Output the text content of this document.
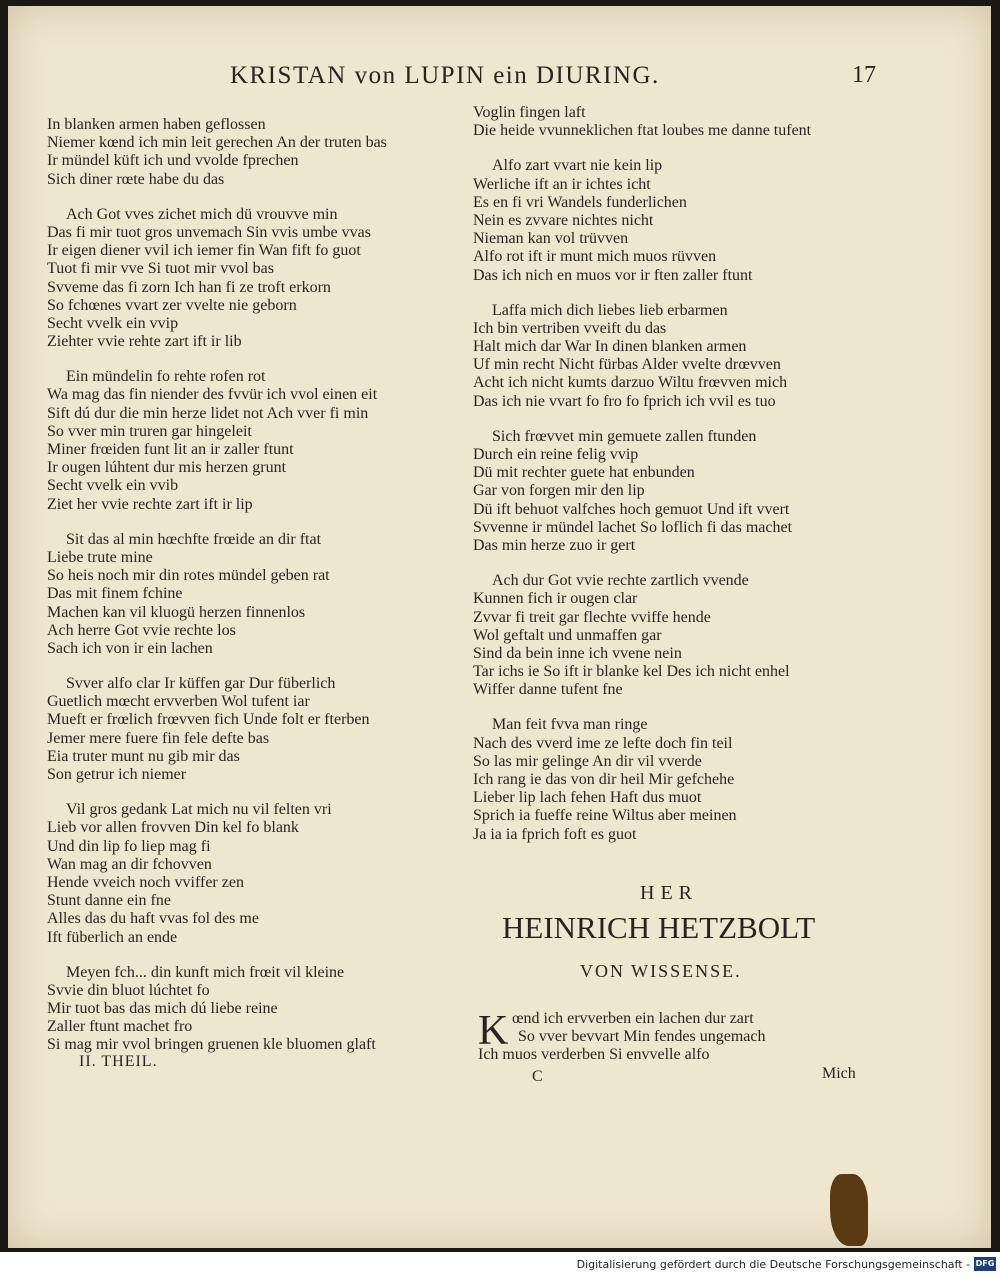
KRISTAN von LUPIN ein DIURING.	17
In blanken armen haben geflossen
Niemer kœnd ich min leit gerechen An der truten bas
Ir mündel küft ich und vvolde fprechen
Sich diner rœte habe du das
Ach Got vves zichet mich dü vrouvve min
Das fi mir tuot gros unvemach Sin vvis umbe vvas
Ir eigen diener vvil ich iemer fin Wan fift fo guot
Tuot fi mir vve Si tuot mir vvol bas
Svveme das fi zorn Ich han fi ze troft erkorn
So fchœnes vvart zer vvelte nie geborn
Secht vvelk ein vvip
Ziehter vvie rehte zart ift ir lib
Ein mündelin fo rehte rofen rot
Wa mag das fin niender des fvvür ich vvol einen eit
Sift dú dur die min herze lidet not Ach vver fi min
So vver min truren gar hingeleit
Miner frœiden funt lit an ir zaller ftunt
Ir ougen lúhtent dur mis herzen grunt
Secht vvelk ein vvib
Ziet her vvie rechte zart ift ir lip
Sit das al min hœchfte frœide an dir ftat
Liebe trute mine
So heis noch mir din rotes mündel geben rat
Das mit finem fchine
Machen kan vil kluogü herzen finnenlos
Ach herre Got vvie rechte los
Sach ich von ir ein lachen
Svver alfo clar Ir küffen gar Dur füberlich
Guetlich mœcht ervverben Wol tufent iar
Mueft er frœlich frœvven fich Unde folt er fterben
Jemer mere fuere fin fele defte bas
Eia truter munt nu gib mir das
Son getrur ich niemer
Vil gros gedank Lat mich nu vil felten vri
Lieb vor allen frovven Din kel fo blank
Und din lip fo liep mag fi
Wan mag an dir fchovven
Hende vveich noch vviffer zen
Stunt danne ein fne
Alles das du haft vvas fol des me
Ift füberlich an ende
Meyen fch... din kunft mich frœit vil kleine
Svvie din bluot lúchtet fo
Mir tuot bas das mich dú liebe reine
Zaller ftunt machet fro
Si mag mir vvol bringen gruenen kle bluomen glaft
II. THEIL.
Voglin fingen laft
Die heide vvunneklichen ftat loubes me danne tufent
Alfo zart vvart nie kein lip
Werliche ift an ir ichtes icht
Es en fi vri Wandels funderlichen
Nein es zvvare nichtes nicht
Nieman kan vol trüvven
Alfo rot ift ir munt mich muos rüvven
Das ich nich en muos vor ir ften zaller ftunt
Laffa mich dich liebes lieb erbarmen
Ich bin vertriben vveift du das
Halt mich dar War In dinen blanken armen
Uf min recht Nicht fürbas Alder vvelte drœvven
Acht ich nicht kumts darzuo Wiltu frœvven mich
Das ich nie vvart fo fro fo fprich ich vvil es tuo
Sich frœvvet min gemuete zallen ftunden
Durch ein reine felig vvip
Dü mit rechter guete hat enbunden
Gar von forgen mir den lip
Dü ift behuot valfches hoch gemuot Und ift vvert
Svvenne ir mündel lachet So loflich fi das machet
Das min herze zuo ir gert
Ach dur Got vvie rechte zartlich vvende
Kunnen fich ir ougen clar
Zvvar fi treit gar flechte vviffe hende
Wol geftalt und unmaffen gar
Sind da bein inne ich vvene nein
Tar ichs ie So ift ir blanke kel Des ich nicht enhel
Wiffer danne tufent fne
Man feit fvva man ringe
Nach des vverd ime ze lefte doch fin teil
So las mir gelinge An dir vil vverde
Ich rang ie das von dir heil Mir gefchehe
Lieber lip lach fehen Haft dus muot
Sprich ia fueffe reine Wiltus aber meinen
Ja ia ia fprich foft es guot
HER
HEINRICH HETZBOLT
VON WISSENSE.
K œnd ich ervverben ein lachen dur zart
So vver bevvart Min fendes ungemach
Ich muos verderben Si envvelle alfo
C	Mich
Digitalisierung gefördert durch die Deutsche Forschungsgemeinschaft - DFG
